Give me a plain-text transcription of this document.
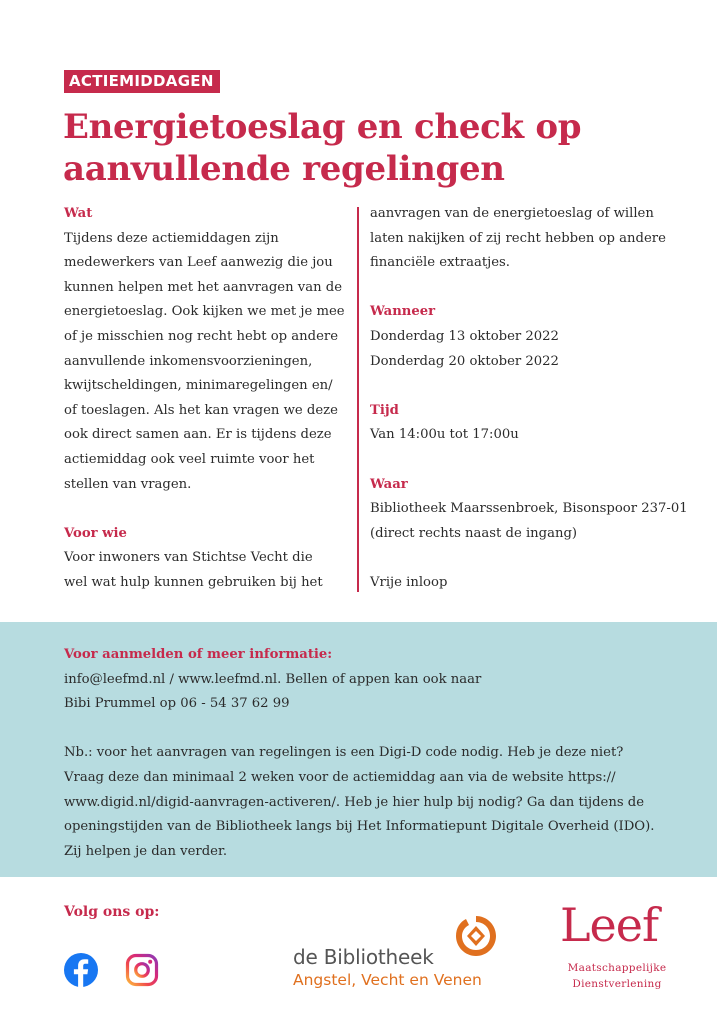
ACTIEMIDDAGEN
Energietoeslag en check op
aanvullende regelingen
Wat
Tijdens deze actiemiddagen zijn
medewerkers van Leef aanwezig die jou
kunnen helpen met het aanvragen van de
energietoeslag. Ook kijken we met je mee
of je misschien nog recht hebt op andere
aanvullende inkomensvoorzieningen,
kwijtscheldingen, minimaregelingen en/
of toeslagen. Als het kan vragen we deze
ook direct samen aan. Er is tijdens deze
actiemiddag ook veel ruimte voor het
stellen van vragen.
Voor wie
Voor inwoners van Stichtse Vecht die
wel wat hulp kunnen gebruiken bij het
aanvragen van de energietoeslag of willen
laten nakijken of zij recht hebben op andere
financiële extraatjes.
Wanneer
Donderdag 13 oktober 2022
Donderdag 20 oktober 2022
Tijd
Van 14:00u tot 17:00u
Waar
Bibliotheek Maarssenbroek, Bisonspoor 237-01
(direct rechts naast de ingang)
Vrije inloop
Voor aanmelden of meer informatie:
info@leefmd.nl / www.leefmd.nl. Bellen of appen kan ook naar
Bibi Prummel op 06 - 54 37 62 99
Nb.: voor het aanvragen van regelingen is een Digi-D code nodig. Heb je deze niet?
Vraag deze dan minimaal 2 weken voor de actiemiddag aan via de website https://
www.digid.nl/digid-aanvragen-activeren/. Heb je hier hulp bij nodig? Ga dan tijdens de
openingstijden van de Bibliotheek langs bij Het Informatiepunt Digitale Overheid (IDO).
Zij helpen je dan verder.
Volg ons op:
de Bibliotheek
Angstel, Vecht en Venen
Leef
Maatschappelijke
Dienstverlening
